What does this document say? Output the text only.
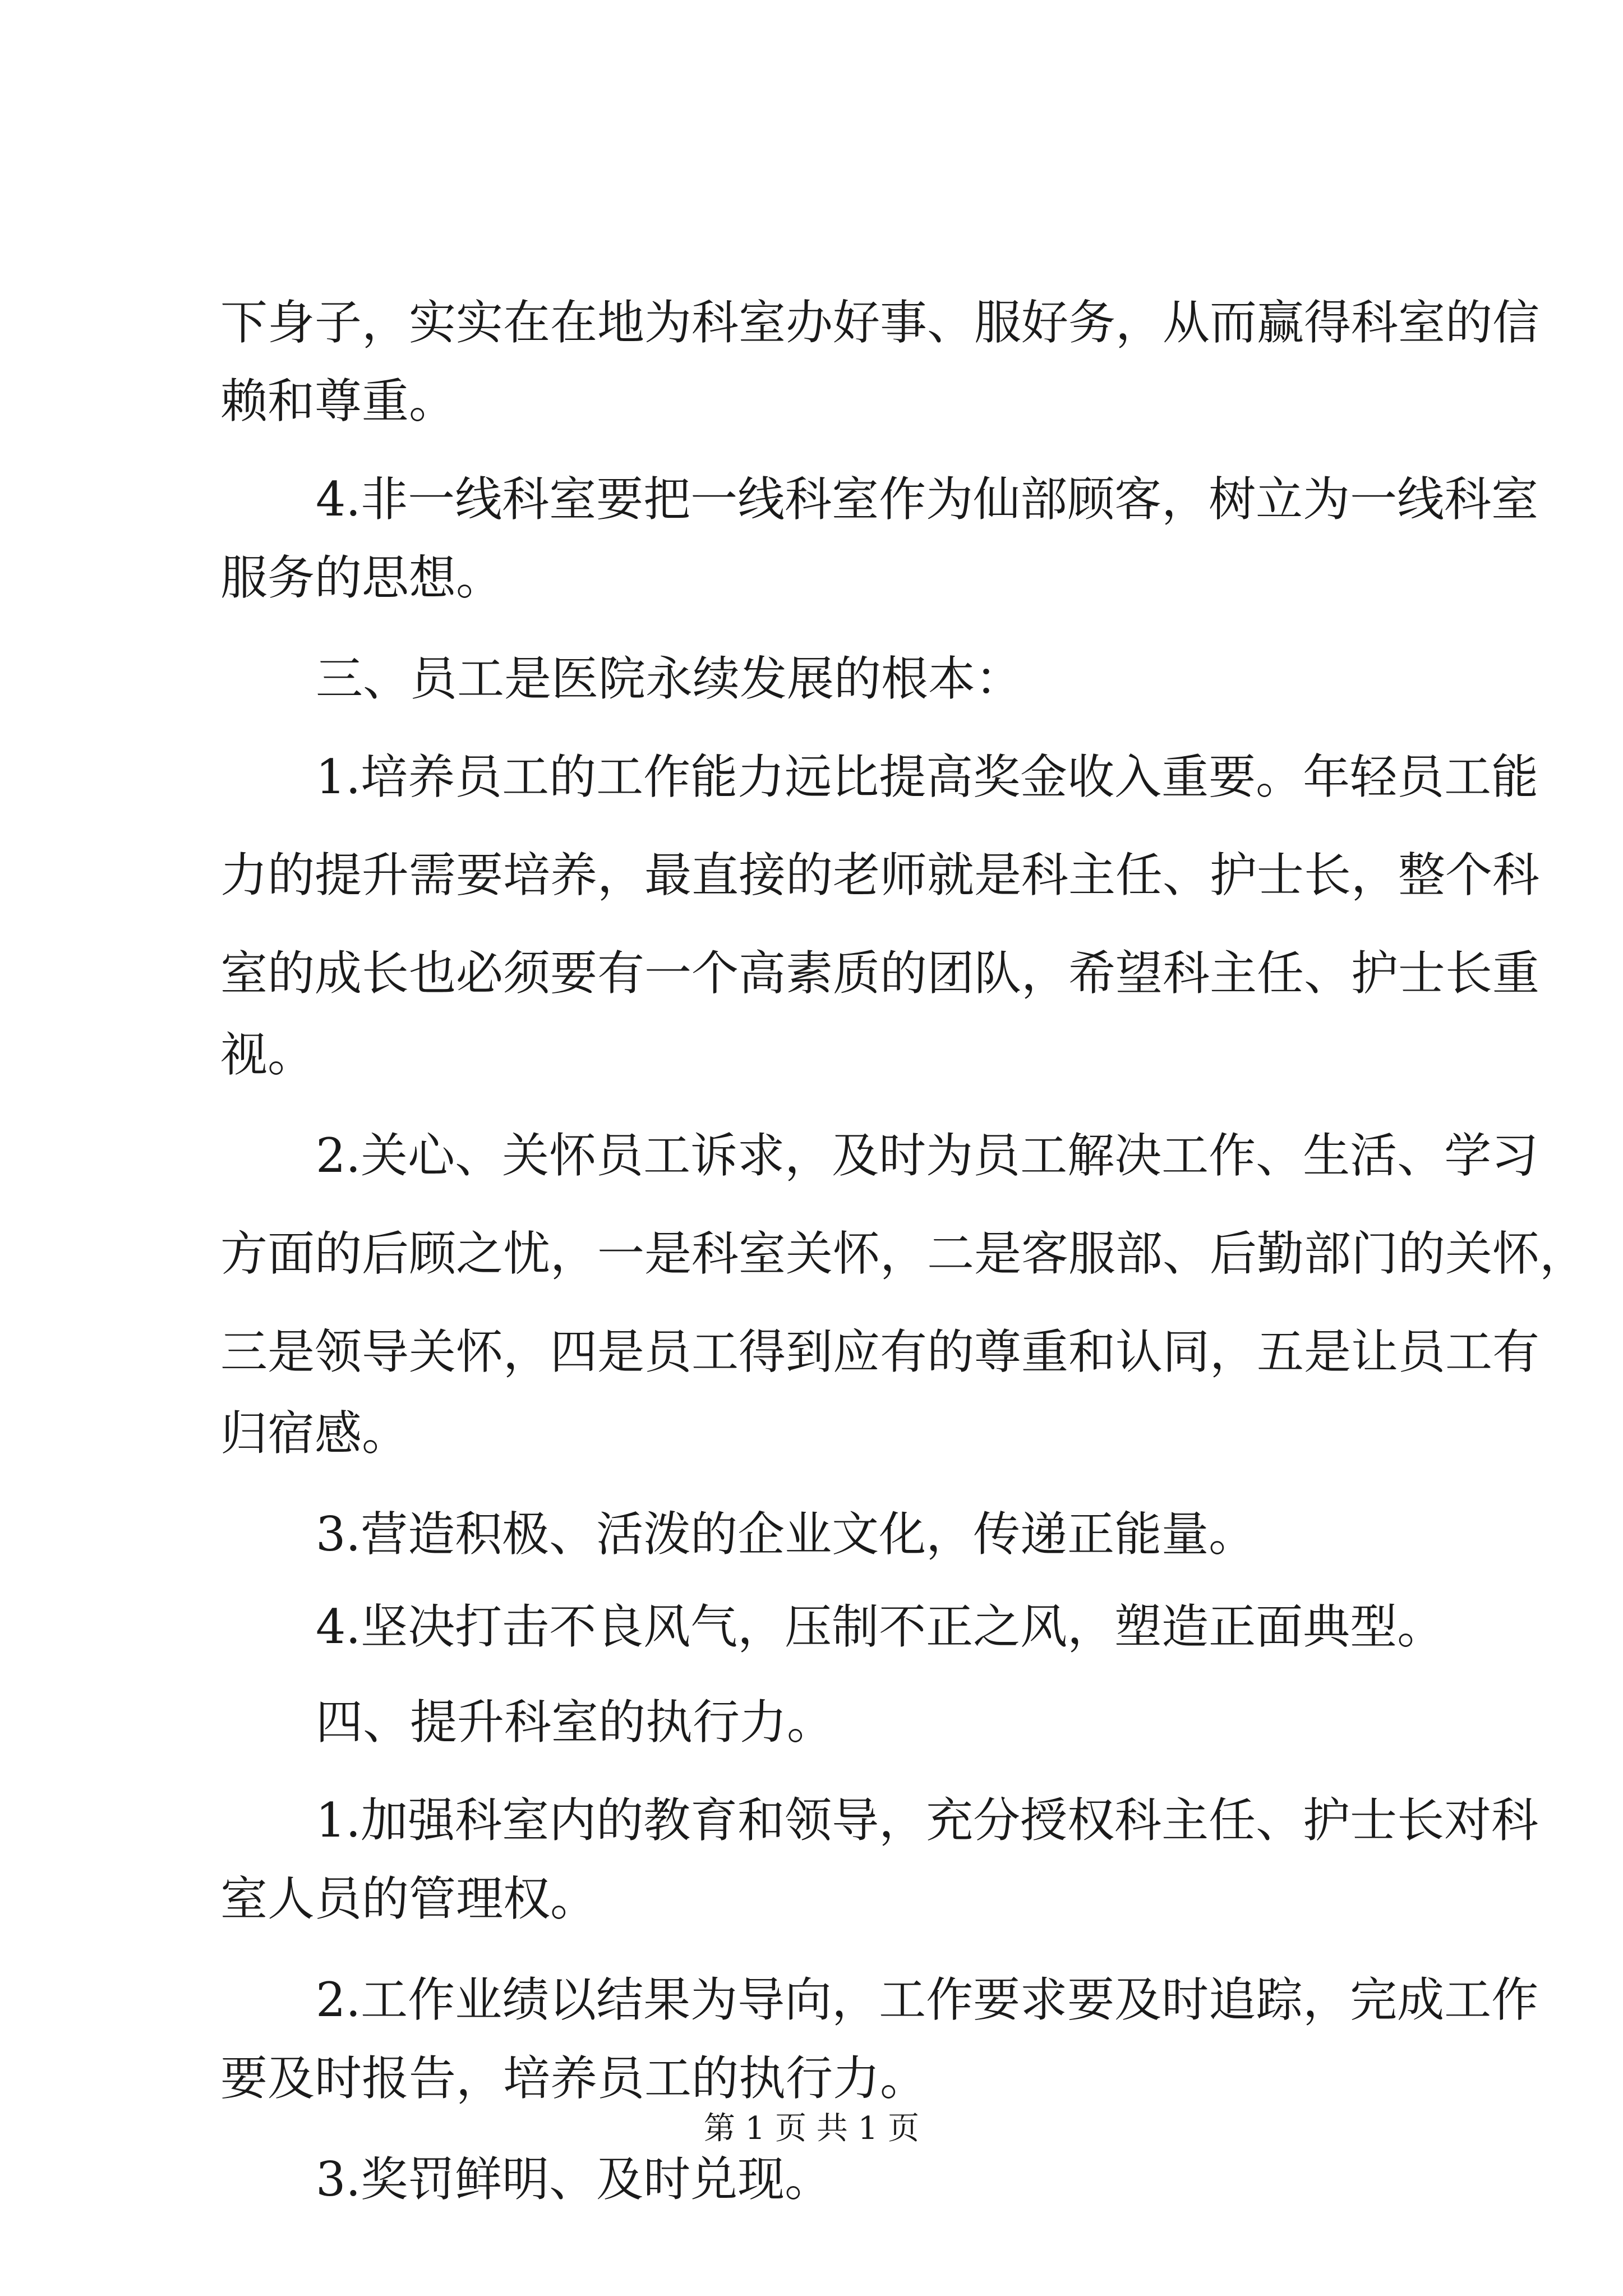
下身子，实实在在地为科室办好事、服好务，从而赢得科室的信
赖和尊重。
4.非一线科室要把一线科室作为仙部顾客，树立为一线科室
服务的思想。
三、员工是医院永续发展的根本：
1.培养员工的工作能力远比提高奖金收入重要。年轻员工能
力的提升需要培养，最直接的老师就是科主任、护士长，整个科
室的成长也必须要有一个高素质的团队，希望科主任、护士长重
视。
2.关心、关怀员工诉求，及时为员工解决工作、生活、学习
方面的后顾之忧，一是科室关怀，二是客服部、后勤部门的关怀，
三是领导关怀，四是员工得到应有的尊重和认同，五是让员工有
归宿感。
3.营造积极、活泼的企业文化，传递正能量。
4.坚决打击不良风气，压制不正之风，塑造正面典型。
四、提升科室的执行力。
1.加强科室内的教育和领导，充分授权科主任、护士长对科
室人员的管理权。
2.工作业绩以结果为导向，工作要求要及时追踪，完成工作
要及时报告，培养员工的执行力。
3.奖罚鲜明、及时兑现。
第 1 页 共 1 页
